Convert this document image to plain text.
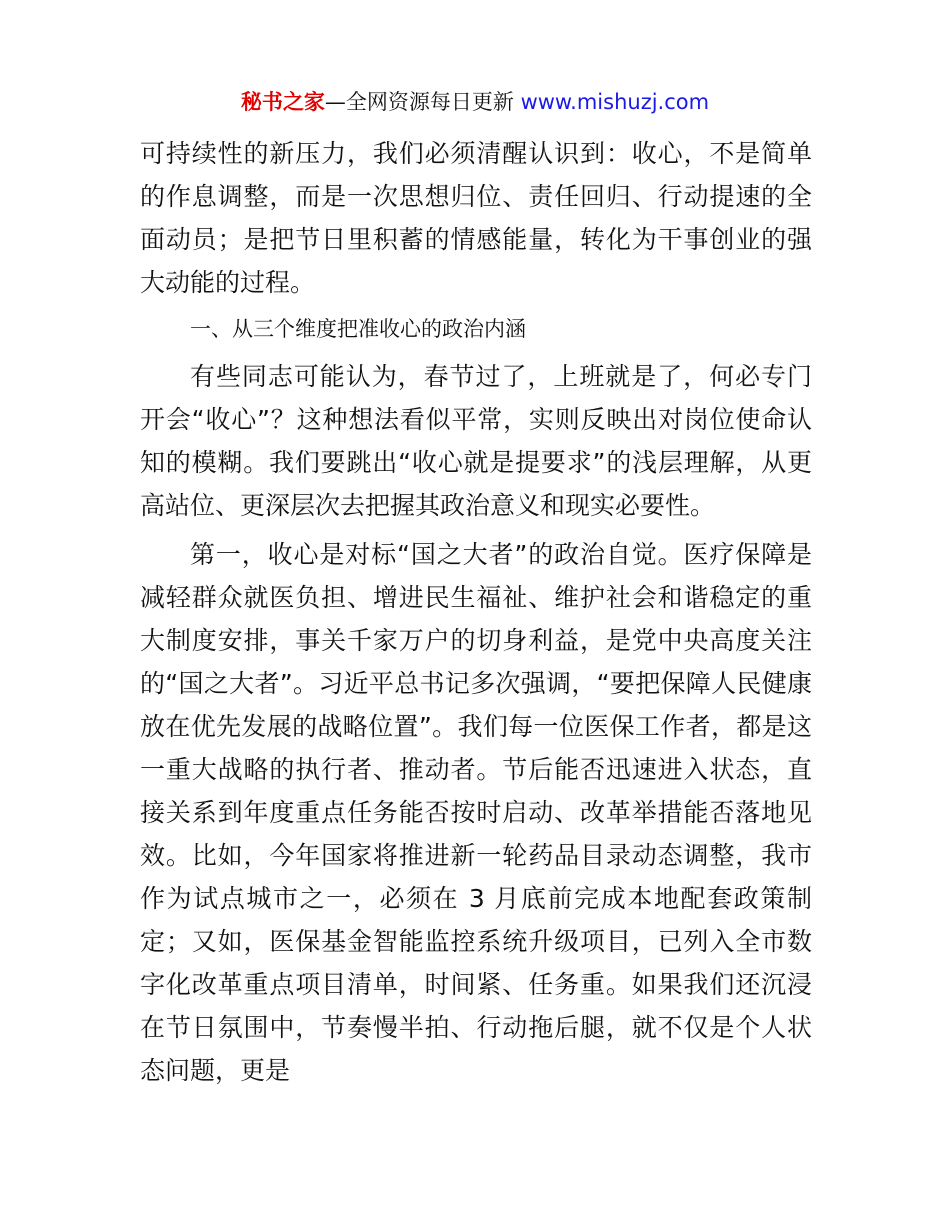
秘书之家—全网资源每日更新 www.mishuzj.com

可持续性的新压力，我们必须清醒认识到：收心，不是简单的作息调整，而是一次思想归位、责任回归、行动提速的全面动员；是把节日里积蓄的情感能量，转化为干事创业的强大动能的过程。

一、从三个维度把准收心的政治内涵

有些同志可能认为，春节过了，上班就是了，何必专门开会“收心”？这种想法看似平常，实则反映出对岗位使命认知的模糊。我们要跳出“收心就是提要求”的浅层理解，从更高站位、更深层次去把握其政治意义和现实必要性。

第一，收心是对标“国之大者”的政治自觉。医疗保障是减轻群众就医负担、增进民生福祉、维护社会和谐稳定的重大制度安排，事关千家万户的切身利益，是党中央高度关注的“国之大者”。习近平总书记多次强调，“要把保障人民健康放在优先发展的战略位置”。我们每一位医保工作者，都是这一重大战略的执行者、推动者。节后能否迅速进入状态，直接关系到年度重点任务能否按时启动、改革举措能否落地见效。比如，今年国家将推进新一轮药品目录动态调整，我市作为试点城市之一，必须在 3 月底前完成本地配套政策制定；又如，医保基金智能监控系统升级项目，已列入全市数字化改革重点项目清单，时间紧、任务重。如果我们还沉浸在节日氛围中，节奏慢半拍、行动拖后腿，就不仅是个人状态问题，更是
